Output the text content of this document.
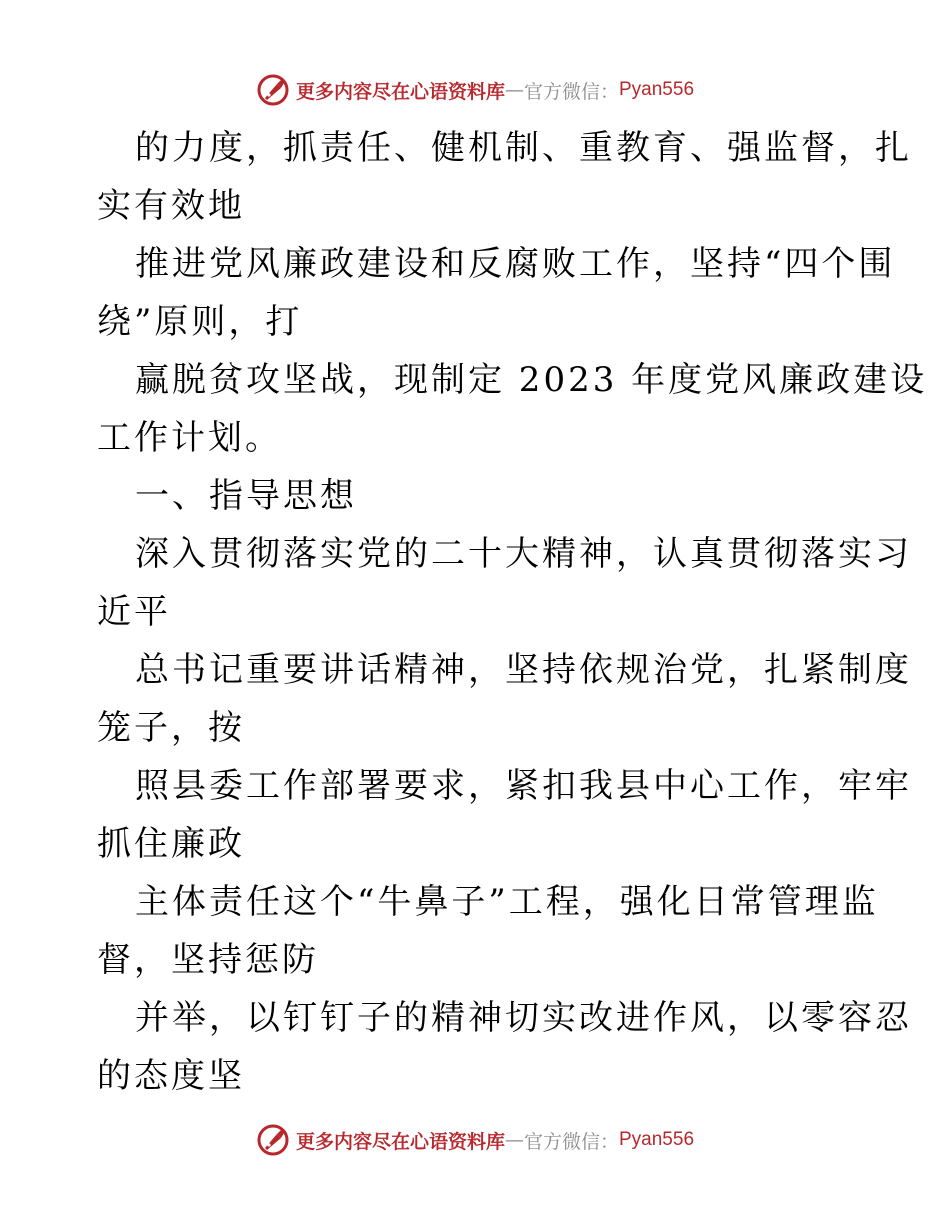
更多内容尽在心语资料库 — 官方微信： Pyan556
的力度，抓责任、健机制、重教育、强监督，扎
实有效地
推进党风廉政建设和反腐败工作，坚持“四个围
绕”原则，打
赢脱贫攻坚战，现制定 2023 年度党风廉政建设
工作计划。
一、指导思想
深入贯彻落实党的二十大精神，认真贯彻落实习
近平
总书记重要讲话精神，坚持依规治党，扎紧制度
笼子，按
照县委工作部署要求，紧扣我县中心工作，牢牢
抓住廉政
主体责任这个“牛鼻子”工程，强化日常管理监
督，坚持惩防
并举，以钉钉子的精神切实改进作风，以零容忍
的态度坚
更多内容尽在心语资料库 — 官方微信： Pyan556
